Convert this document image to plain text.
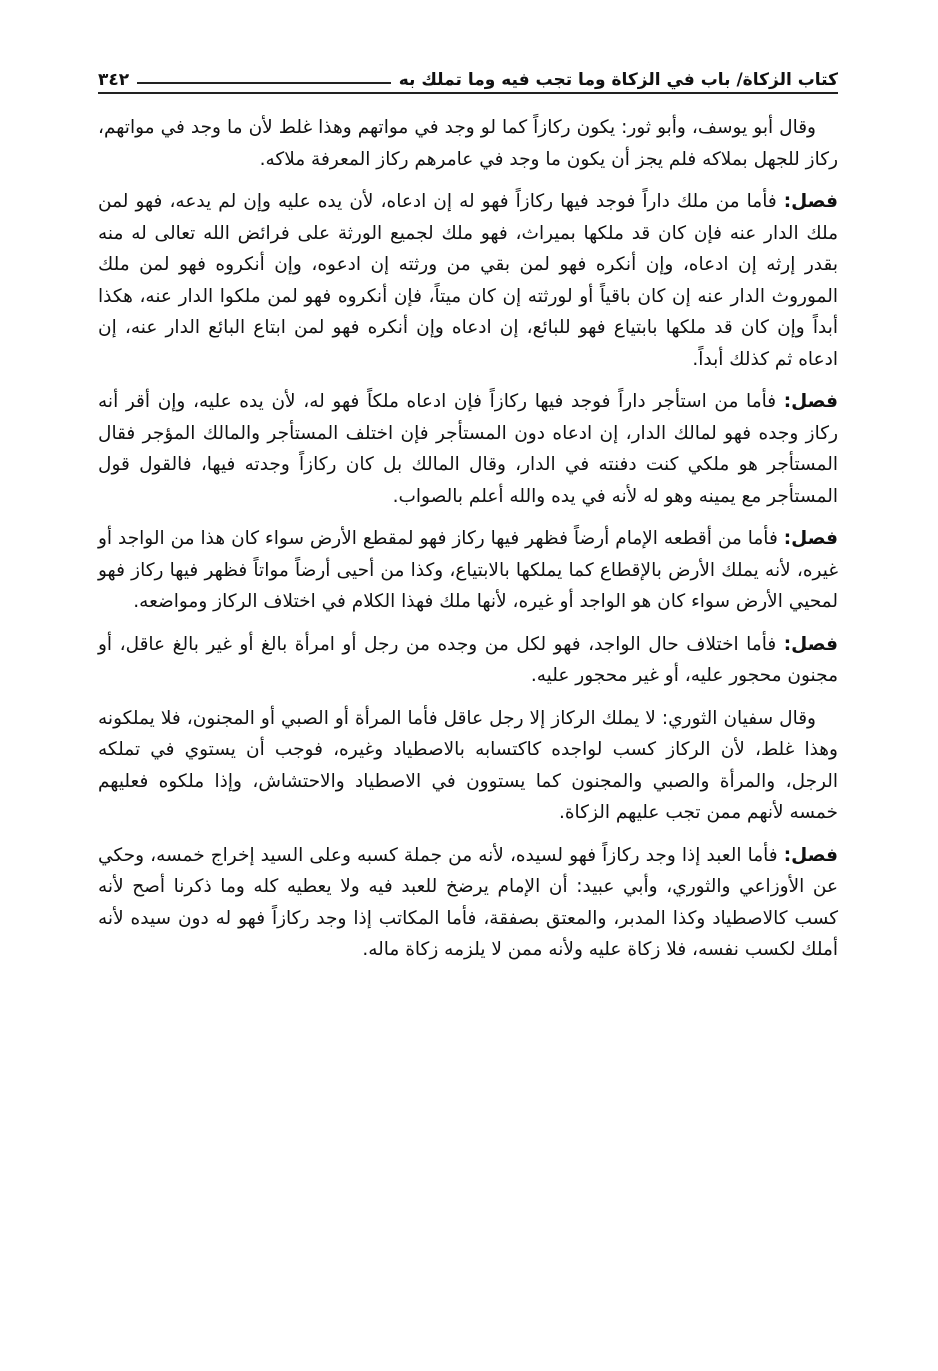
كتاب الزكاة/ باب في الزكاة وما تجب فيه وما تملك به
٣٤٢

وقال أبو يوسف، وأبو ثور: يكون ركازاً كما لو وجد في مواتهم وهذا غلط لأن ما وجد في مواتهم، ركاز للجهل بملاكه فلم يجز أن يكون ما وجد في عامرهم ركاز المعرفة ملاكه.

فصل: فأما من ملك داراً فوجد فيها ركازاً فهو له إن ادعاه، لأن يده عليه وإن لم يدعه، فهو لمن ملك الدار عنه فإن كان قد ملكها بميراث، فهو ملك لجميع الورثة على فرائض الله تعالى له منه بقدر إرثه إن ادعاه، وإن أنكره فهو لمن بقي من ورثته إن ادعوه، وإن أنكروه فهو لمن ملك الموروث الدار عنه إن كان باقياً أو لورثته إن كان ميتاً، فإن أنكروه فهو لمن ملكوا الدار عنه، هكذا أبداً وإن كان قد ملكها بابتياع فهو للبائع، إن ادعاه وإن أنكره فهو لمن ابتاع البائع الدار عنه، إن ادعاه ثم كذلك أبداً.

فصل: فأما من استأجر داراً فوجد فيها ركازاً فإن ادعاه ملكاً فهو له، لأن يده عليه، وإن أقر أنه ركاز وجده فهو لمالك الدار، إن ادعاه دون المستأجر فإن اختلف المستأجر والمالك المؤجر فقال المستأجر هو ملكي كنت دفنته في الدار، وقال المالك بل كان ركازاً وجدته فيها، فالقول قول المستأجر مع يمينه وهو له لأنه في يده والله أعلم بالصواب.

فصل: فأما من أقطعه الإمام أرضاً فظهر فيها ركاز فهو لمقطع الأرض سواء كان هذا من الواجد أو غيره، لأنه يملك الأرض بالإقطاع كما يملكها بالابتياع، وكذا من أحيى أرضاً مواتاً فظهر فيها ركاز فهو لمحيي الأرض سواء كان هو الواجد أو غيره، لأنها ملك فهذا الكلام في اختلاف الركاز ومواضعه.

فصل: فأما اختلاف حال الواجد، فهو لكل من وجده من رجل أو امرأة بالغ أو غير بالغ عاقل، أو مجنون محجور عليه، أو غير محجور عليه.

وقال سفيان الثوري: لا يملك الركاز إلا رجل عاقل فأما المرأة أو الصبي أو المجنون، فلا يملكونه وهذا غلط، لأن الركاز كسب لواجده كاكتسابه بالاصطياد وغيره، فوجب أن يستوي في تملكه الرجل، والمرأة والصبي والمجنون كما يستوون في الاصطياد والاحتشاش، وإذا ملكوه فعليهم خمسه لأنهم ممن تجب عليهم الزكاة.

فصل: فأما العبد إذا وجد ركازاً فهو لسيده، لأنه من جملة كسبه وعلى السيد إخراج خمسه، وحكي عن الأوزاعي والثوري، وأبي عبيد: أن الإمام يرضخ للعبد فيه ولا يعطيه كله وما ذكرنا أصح لأنه كسب كالاصطياد وكذا المدبر، والمعتق بصفقة، فأما المكاتب إذا وجد ركازاً فهو له دون سيده لأنه أملك لكسب نفسه، فلا زكاة عليه ولأنه ممن لا يلزمه زكاة ماله.
